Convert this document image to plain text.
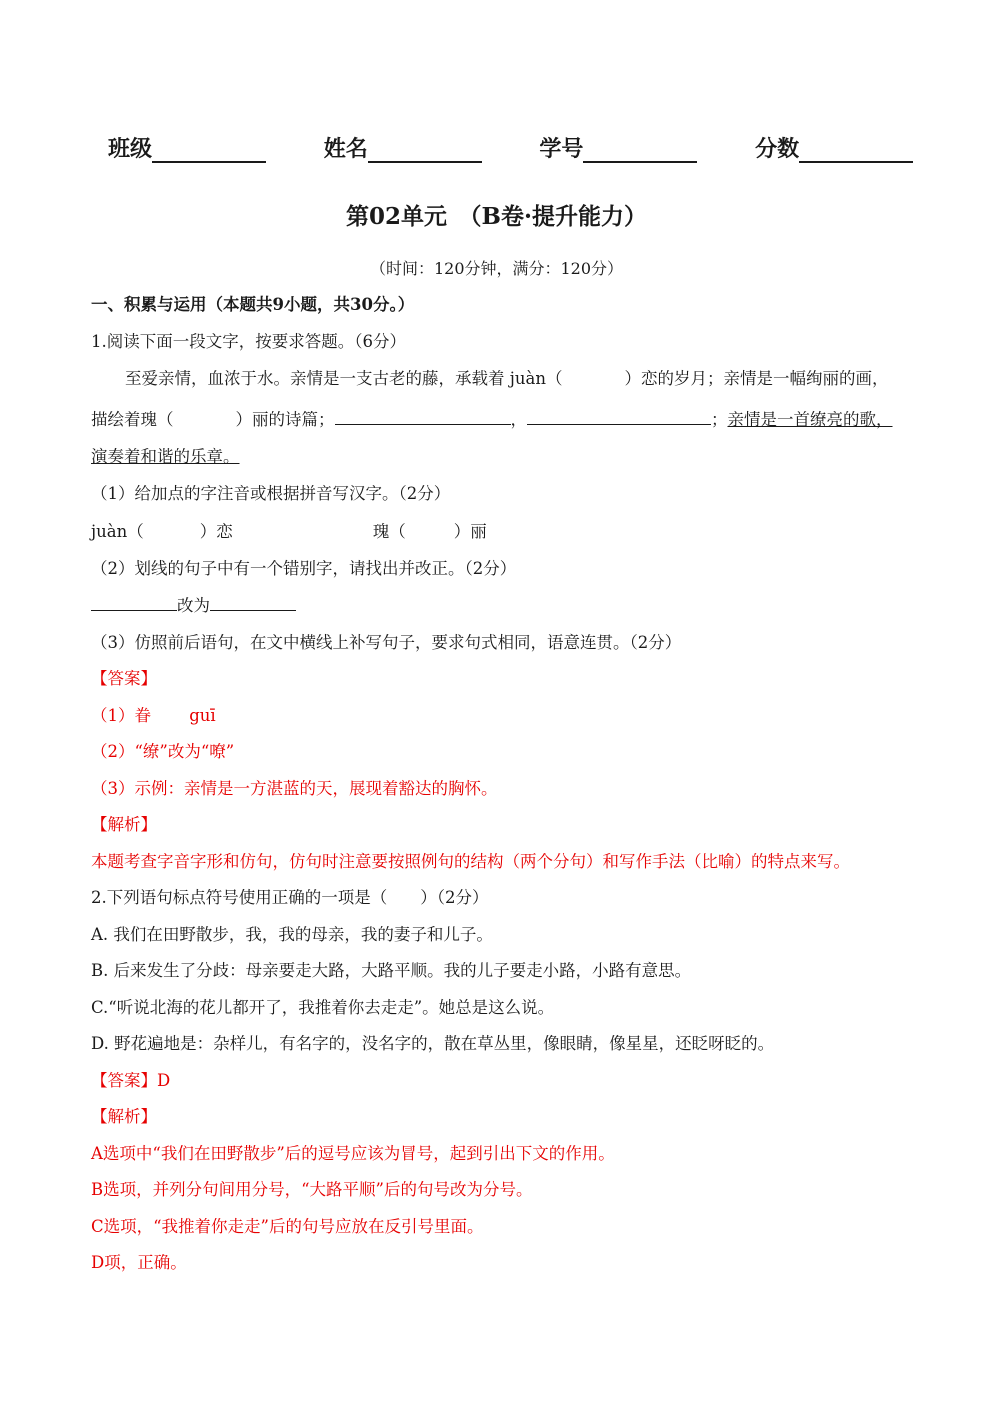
班级	姓名	学号	分数
第02单元　（B卷·提升能力）
（时间：120分钟，满分：120分）
一、积累与运用（本题共9小题，共30分。）
1.阅读下面一段文字，按要求答题。（6分）
至爱亲情，血浓于水。亲情是一支古老的藤，承载着 juàn（	）恋的岁月；亲情是一幅绚丽的画，
描绘着瑰（	）丽的诗篇；	，	；亲情是一首缭亮的歌，
演奏着和谐的乐章。
（1）给加点的字注音或根据拼音写汉字。（2分）
juàn（	）恋	瑰（	）丽
（2）划线的句子中有一个错别字，请找出并改正。（2分）
改为
（3）仿照前后语句，在文中横线上补写句子，要求句式相同，语意连贯。（2分）
【答案】
（1）眷　　 guī
（2）“缭”改为“嘹”
（3）示例：亲情是一方湛蓝的天，展现着豁达的胸怀。
【解析】
本题考查字音字形和仿句，仿句时注意要按照例句的结构（两个分句）和写作手法（比喻）的特点来写。
2.下列语句标点符号使用正确的一项是（　　）（2分）
A. 我们在田野散步，我，我的母亲，我的妻子和儿子。
B. 后来发生了分歧：母亲要走大路，大路平顺。我的儿子要走小路，小路有意思。
C.“听说北海的花儿都开了，我推着你去走走”。她总是这么说。
D. 野花遍地是：杂样儿，有名字的，没名字的，散在草丛里，像眼睛，像星星，还眨呀眨的。
【答案】D
【解析】
A选项中“我们在田野散步”后的逗号应该为冒号，起到引出下文的作用。
B选项，并列分句间用分号，“大路平顺”后的句号改为分号。
C选项，“我推着你走走”后的句号应放在反引号里面。
D项，正确。
